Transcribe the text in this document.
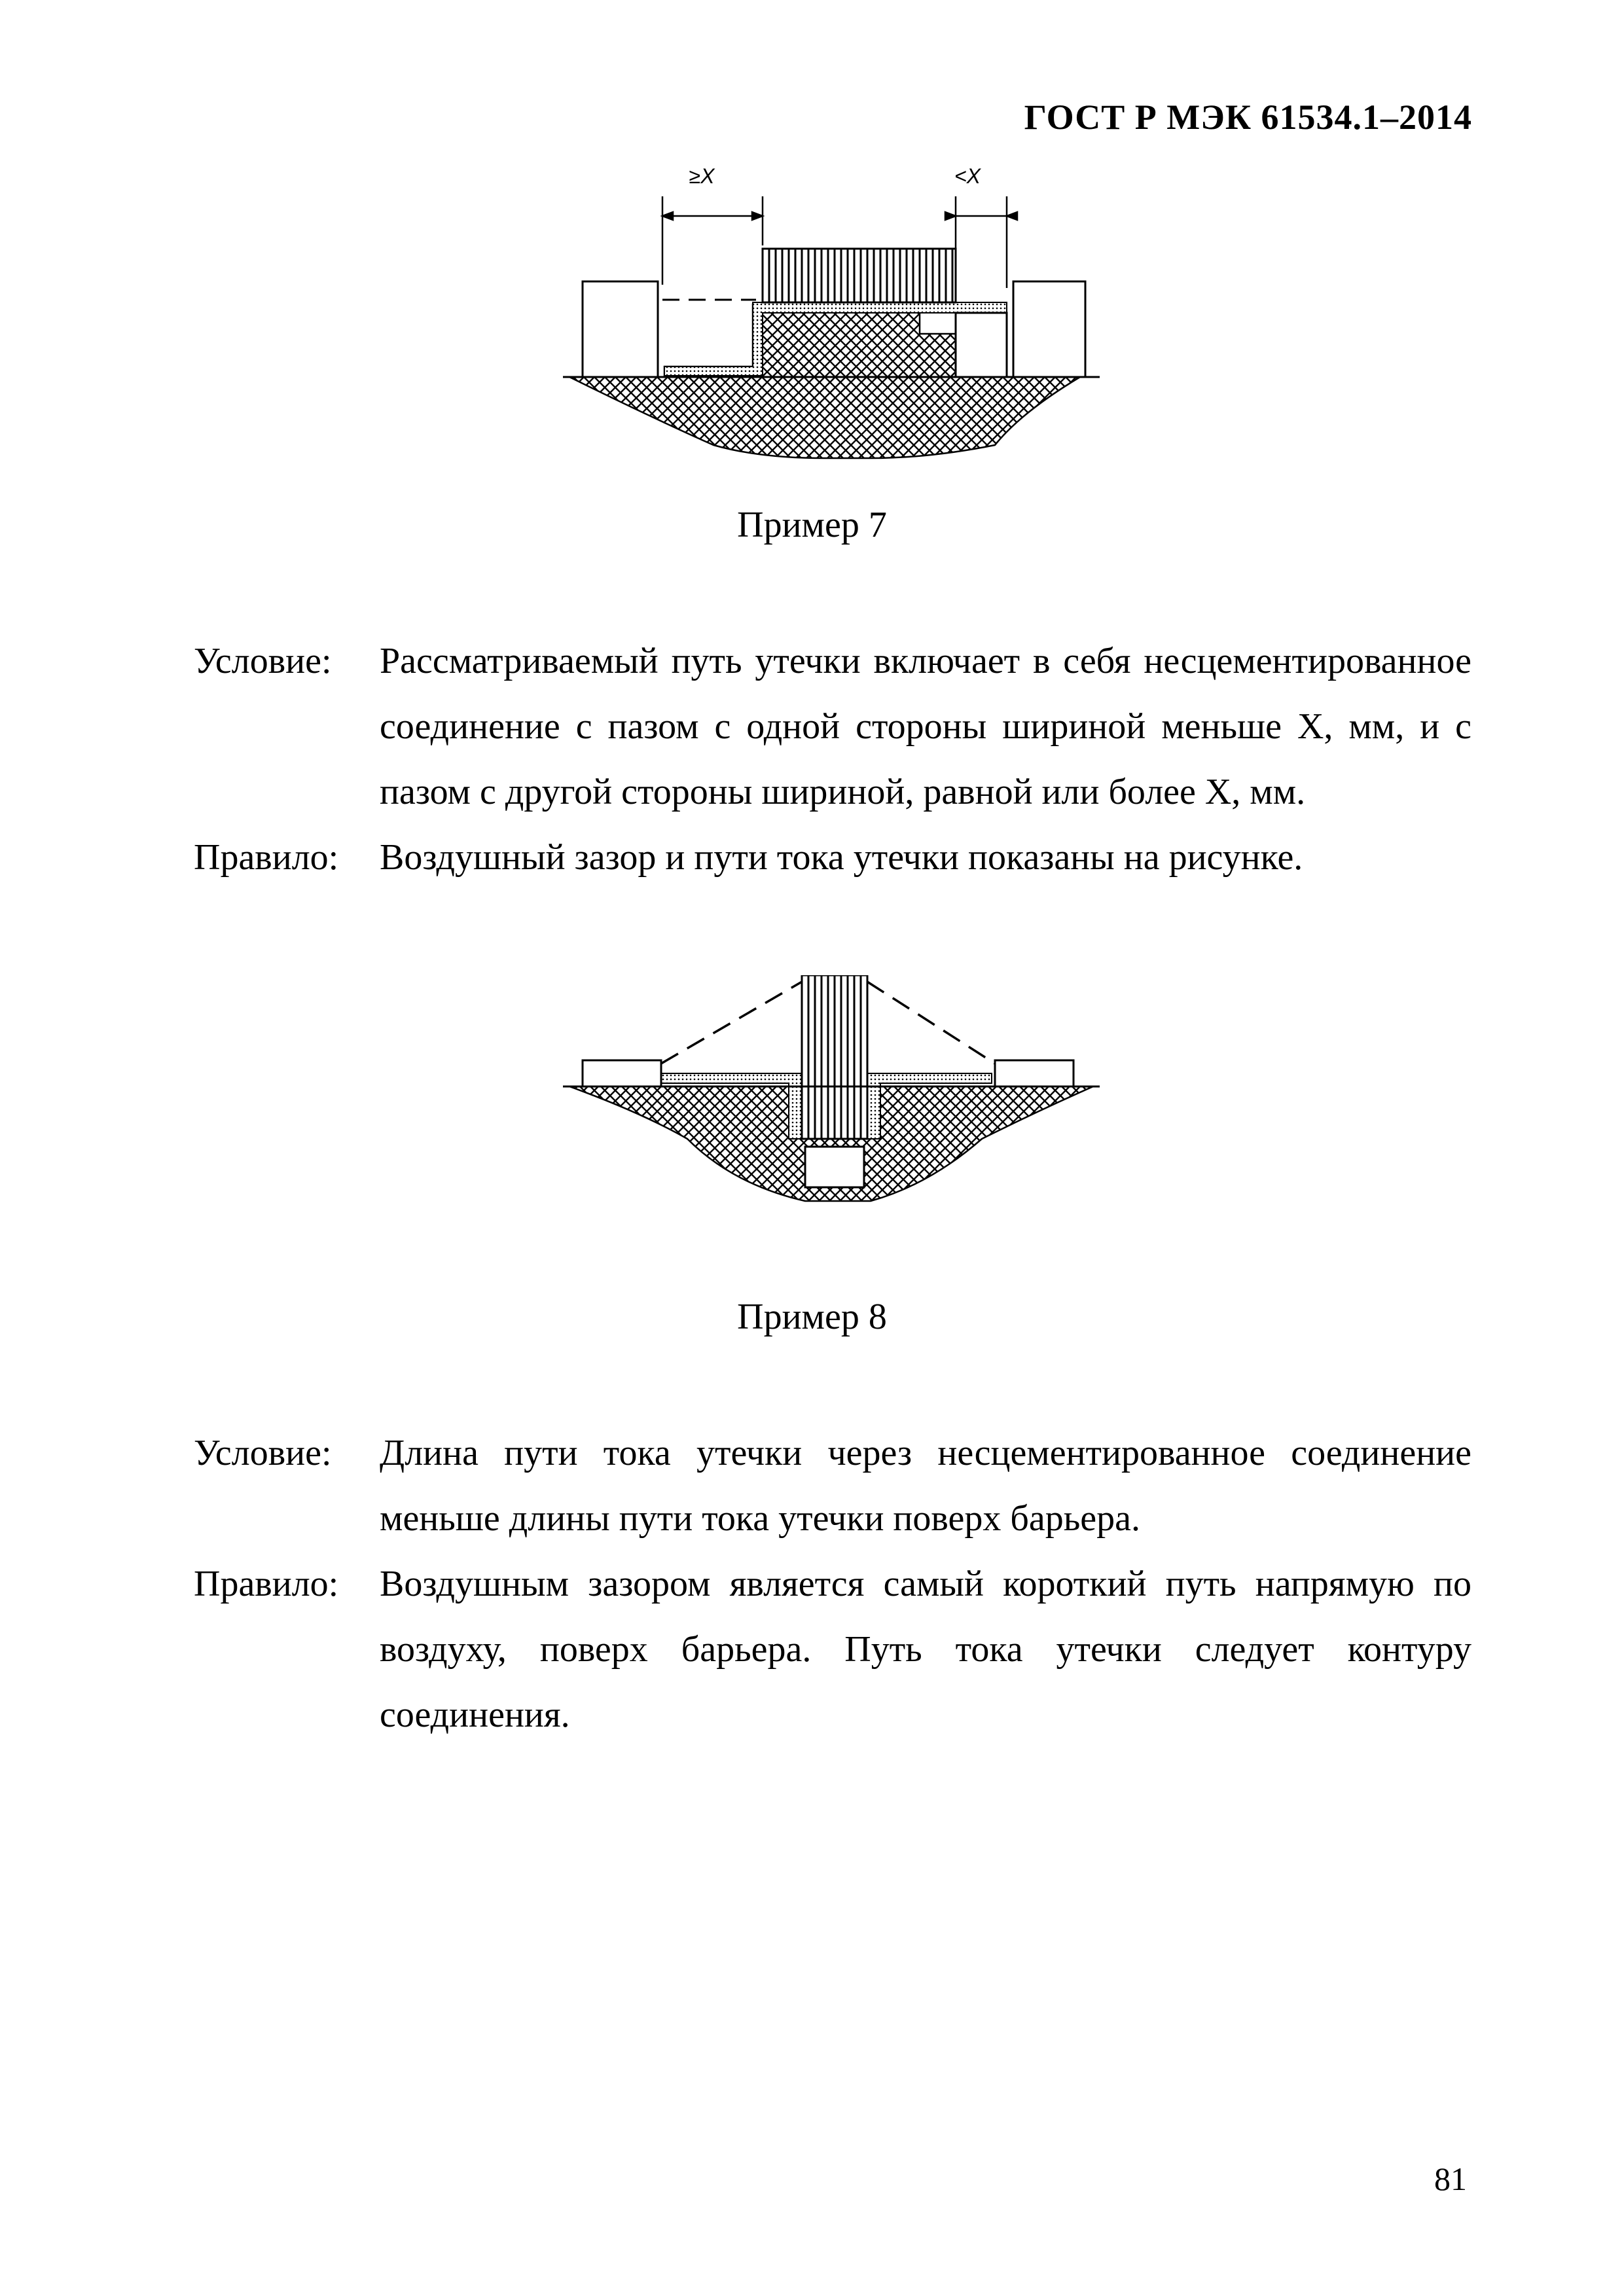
ГОСТ Р МЭК 61534.1–2014
≥X	<X
Пример 7
Условие:	Рассматриваемый путь утечки включает в себя несцементированное соединение с пазом с одной стороны шириной меньше X, мм, и с пазом с другой стороны шириной, равной или более X, мм.
Правило:	Воздушный зазор и пути тока утечки показаны на рисунке.
Пример 8
Условие:	Длина пути тока утечки через несцементированное соединение меньше длины пути тока утечки поверх барьера.
Правило:	Воздушным зазором является самый короткий путь напрямую по воздуху, поверх барьера. Путь тока утечки следует контуру соединения.
81
